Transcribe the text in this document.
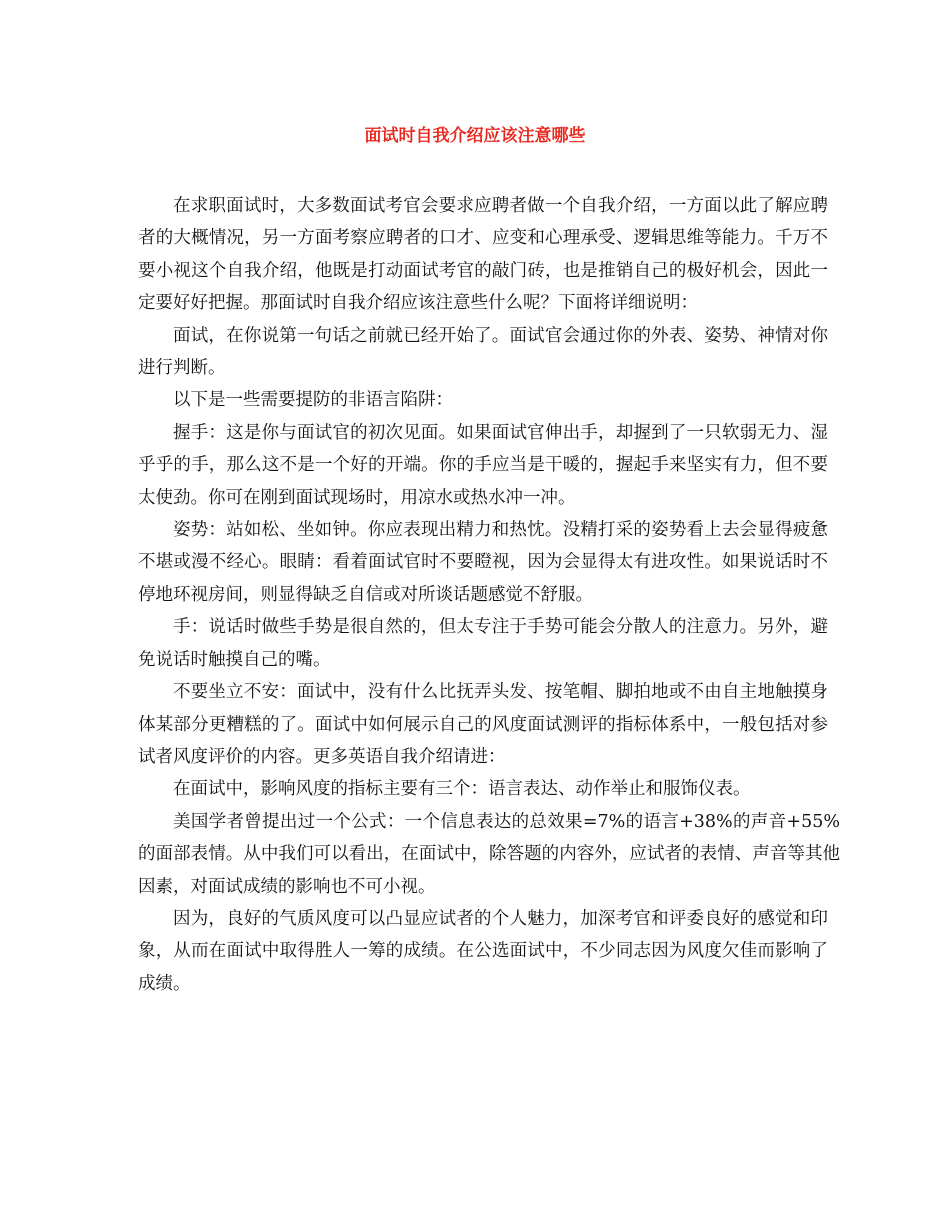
面试时自我介绍应该注意哪些

在求职面试时，大多数面试考官会要求应聘者做一个自我介绍，一方面以此了解应聘者的大概情况，另一方面考察应聘者的口才、应变和心理承受、逻辑思维等能力。千万不要小视这个自我介绍，他既是打动面试考官的敲门砖，也是推销自己的极好机会，因此一定要好好把握。那面试时自我介绍应该注意些什么呢？下面将详细说明：

面试，在你说第一句话之前就已经开始了。面试官会通过你的外表、姿势、神情对你进行判断。

以下是一些需要提防的非语言陷阱：

握手：这是你与面试官的初次见面。如果面试官伸出手，却握到了一只软弱无力、湿乎乎的手，那么这不是一个好的开端。你的手应当是干暖的，握起手来坚实有力，但不要太使劲。你可在刚到面试现场时，用凉水或热水冲一冲。

姿势：站如松、坐如钟。你应表现出精力和热忱。没精打采的姿势看上去会显得疲惫不堪或漫不经心。眼睛：看着面试官时不要瞪视，因为会显得太有进攻性。如果说话时不停地环视房间，则显得缺乏自信或对所谈话题感觉不舒服。

手：说话时做些手势是很自然的，但太专注于手势可能会分散人的注意力。另外，避免说话时触摸自己的嘴。

不要坐立不安：面试中，没有什么比抚弄头发、按笔帽、脚拍地或不由自主地触摸身体某部分更糟糕的了。面试中如何展示自己的风度面试测评的指标体系中，一般包括对参试者风度评价的内容。更多英语自我介绍请进：

在面试中，影响风度的指标主要有三个：语言表达、动作举止和服饰仪表。

美国学者曾提出过一个公式：一个信息表达的总效果=7%的语言+38%的声音+55%的面部表情。从中我们可以看出，在面试中，除答题的内容外，应试者的表情、声音等其他因素，对面试成绩的影响也不可小视。

因为，良好的气质风度可以凸显应试者的个人魅力，加深考官和评委良好的感觉和印象，从而在面试中取得胜人一筹的成绩。在公选面试中，不少同志因为风度欠佳而影响了成绩。
